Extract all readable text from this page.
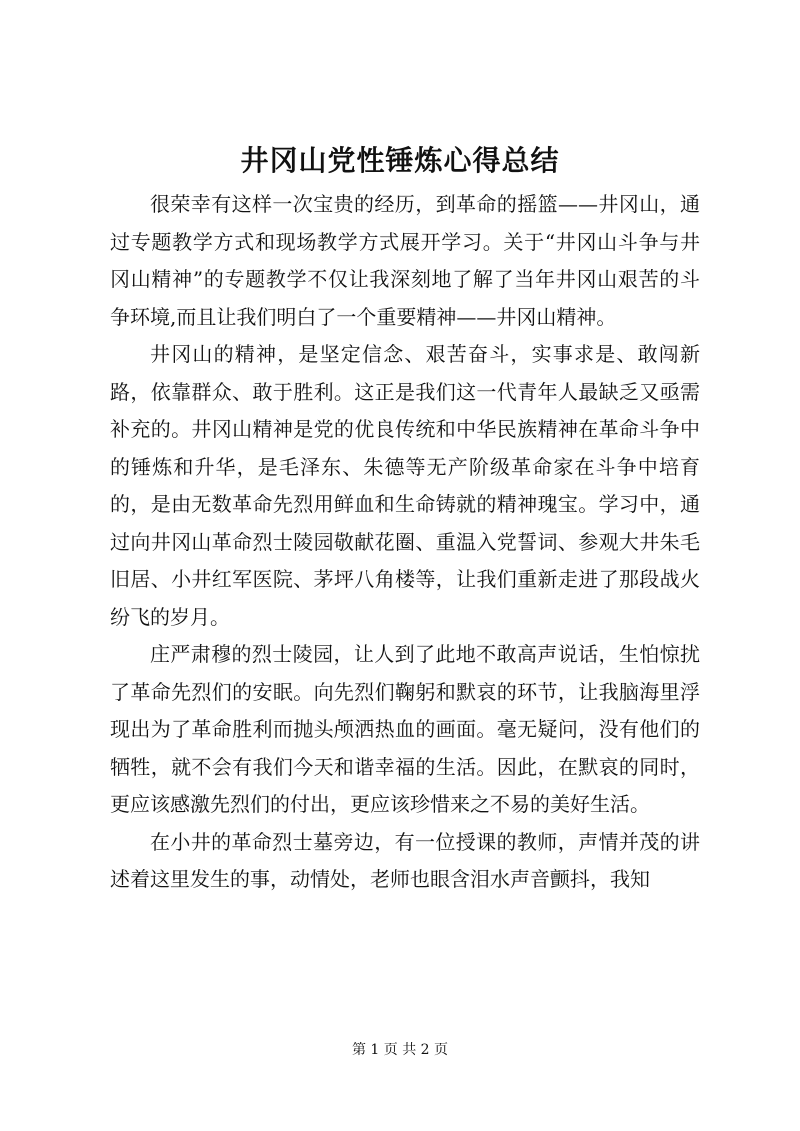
井冈山党性锤炼心得总结

很荣幸有这样一次宝贵的经历，到革命的摇篮——井冈山，通过专题教学方式和现场教学方式展开学习。关于“井冈山斗争与井冈山精神”的专题教学不仅让我深刻地了解了当年井冈山艰苦的斗争环境,而且让我们明白了一个重要精神——井冈山精神。

井冈山的精神，是坚定信念、艰苦奋斗，实事求是、敢闯新路，依靠群众、敢于胜利。这正是我们这一代青年人最缺乏又亟需补充的。井冈山精神是党的优良传统和中华民族精神在革命斗争中的锤炼和升华，是毛泽东、朱德等无产阶级革命家在斗争中培育的，是由无数革命先烈用鲜血和生命铸就的精神瑰宝。学习中，通过向井冈山革命烈士陵园敬献花圈、重温入党誓词、参观大井朱毛旧居、小井红军医院、茅坪八角楼等，让我们重新走进了那段战火纷飞的岁月。

庄严肃穆的烈士陵园，让人到了此地不敢高声说话，生怕惊扰了革命先烈们的安眠。向先烈们鞠躬和默哀的环节，让我脑海里浮现出为了革命胜利而抛头颅洒热血的画面。毫无疑问，没有他们的牺牲，就不会有我们今天和谐幸福的生活。因此，在默哀的同时，更应该感激先烈们的付出，更应该珍惜来之不易的美好生活。

在小井的革命烈士墓旁边，有一位授课的教师，声情并茂的讲述着这里发生的事，动情处，老师也眼含泪水声音颤抖，我知

第 1 页 共 2 页
